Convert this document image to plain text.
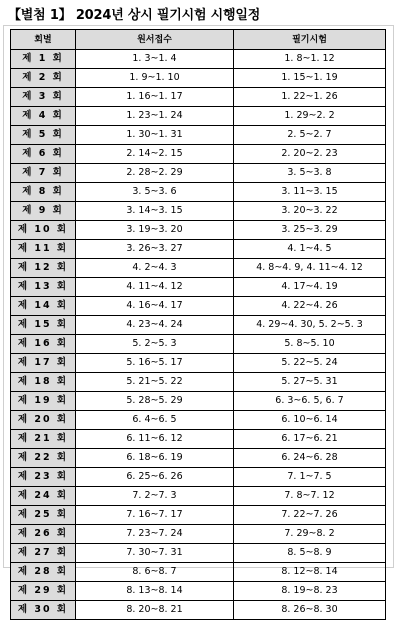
【별첨 1】 2024년 상시 필기시험 시행일정
회별	원서접수	필기시험
제 1 회	1. 3~1. 4	1. 8~1. 12
제 2 회	1. 9~1. 10	1. 15~1. 19
제 3 회	1. 16~1. 17	1. 22~1. 26
제 4 회	1. 23~1. 24	1. 29~2. 2
제 5 회	1. 30~1. 31	2. 5~2. 7
제 6 회	2. 14~2. 15	2. 20~2. 23
제 7 회	2. 28~2. 29	3. 5~3. 8
제 8 회	3. 5~3. 6	3. 11~3. 15
제 9 회	3. 14~3. 15	3. 20~3. 22
제 10 회	3. 19~3. 20	3. 25~3. 29
제 11 회	3. 26~3. 27	4. 1~4. 5
제 12 회	4. 2~4. 3	4. 8~4. 9, 4. 11~4. 12
제 13 회	4. 11~4. 12	4. 17~4. 19
제 14 회	4. 16~4. 17	4. 22~4. 26
제 15 회	4. 23~4. 24	4. 29~4. 30, 5. 2~5. 3
제 16 회	5. 2~5. 3	5. 8~5. 10
제 17 회	5. 16~5. 17	5. 22~5. 24
제 18 회	5. 21~5. 22	5. 27~5. 31
제 19 회	5. 28~5. 29	6. 3~6. 5, 6. 7
제 20 회	6. 4~6. 5	6. 10~6. 14
제 21 회	6. 11~6. 12	6. 17~6. 21
제 22 회	6. 18~6. 19	6. 24~6. 28
제 23 회	6. 25~6. 26	7. 1~7. 5
제 24 회	7. 2~7. 3	7. 8~7. 12
제 25 회	7. 16~7. 17	7. 22~7. 26
제 26 회	7. 23~7. 24	7. 29~8. 2
제 27 회	7. 30~7. 31	8. 5~8. 9
제 28 회	8. 6~8. 7	8. 12~8. 14
제 29 회	8. 13~8. 14	8. 19~8. 23
제 30 회	8. 20~8. 21	8. 26~8. 30
